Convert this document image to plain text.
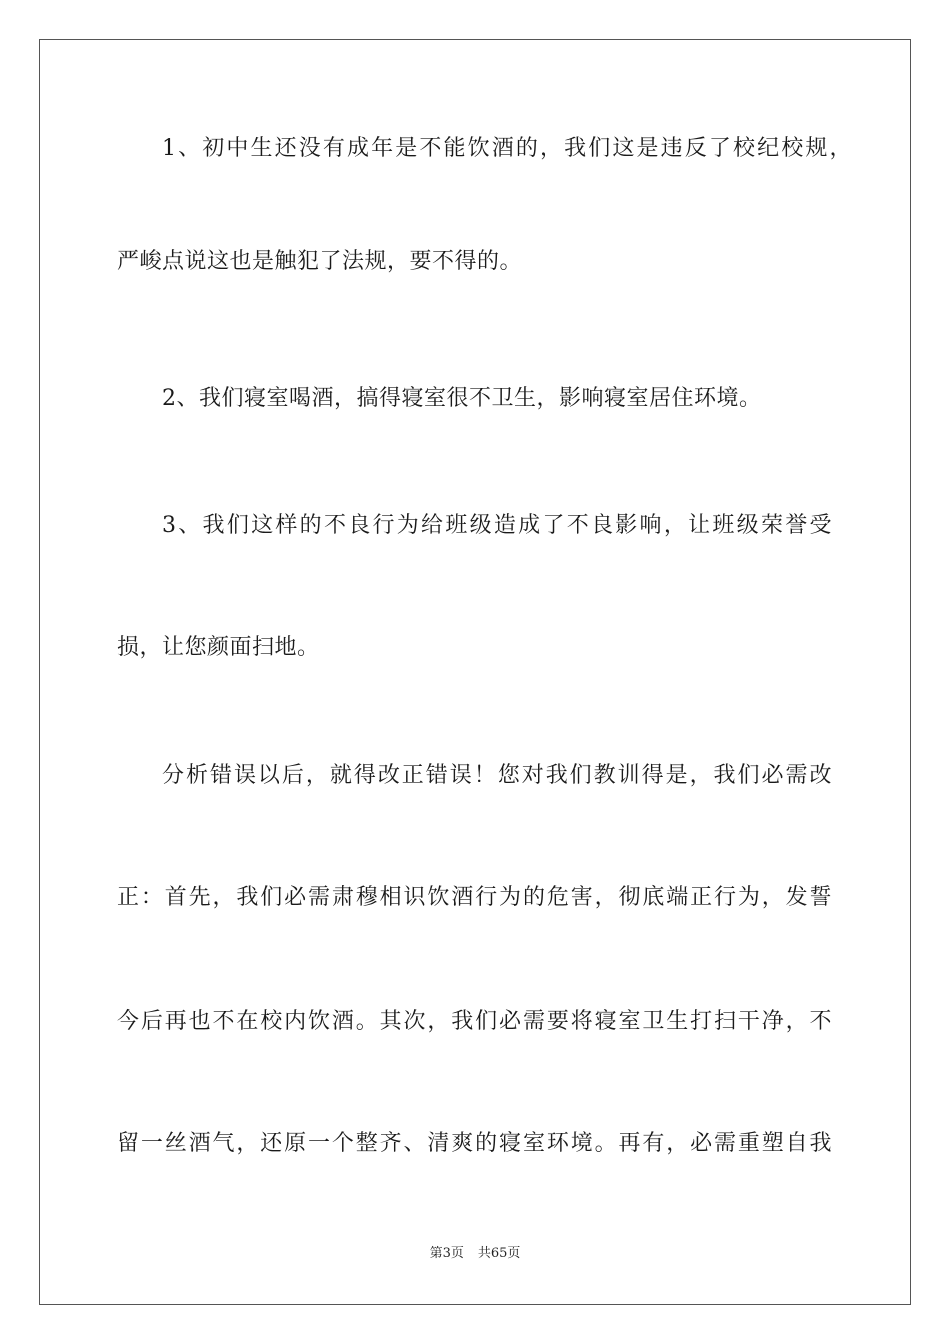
1、初中生还没有成年是不能饮酒的，我们这是违反了校纪校规，
严峻点说这也是触犯了法规，要不得的。
2、我们寝室喝酒，搞得寝室很不卫生，影响寝室居住环境。
3、我们这样的不良行为给班级造成了不良影响，让班级荣誉受
损，让您颜面扫地。
分析错误以后，就得改正错误！您对我们教训得是，我们必需改
正：首先，我们必需肃穆相识饮酒行为的危害，彻底端正行为，发誓
今后再也不在校内饮酒。其次，我们必需要将寝室卫生打扫干净，不
留一丝酒气，还原一个整齐、清爽的寝室环境。再有，必需重塑自我
第3页 共65页
